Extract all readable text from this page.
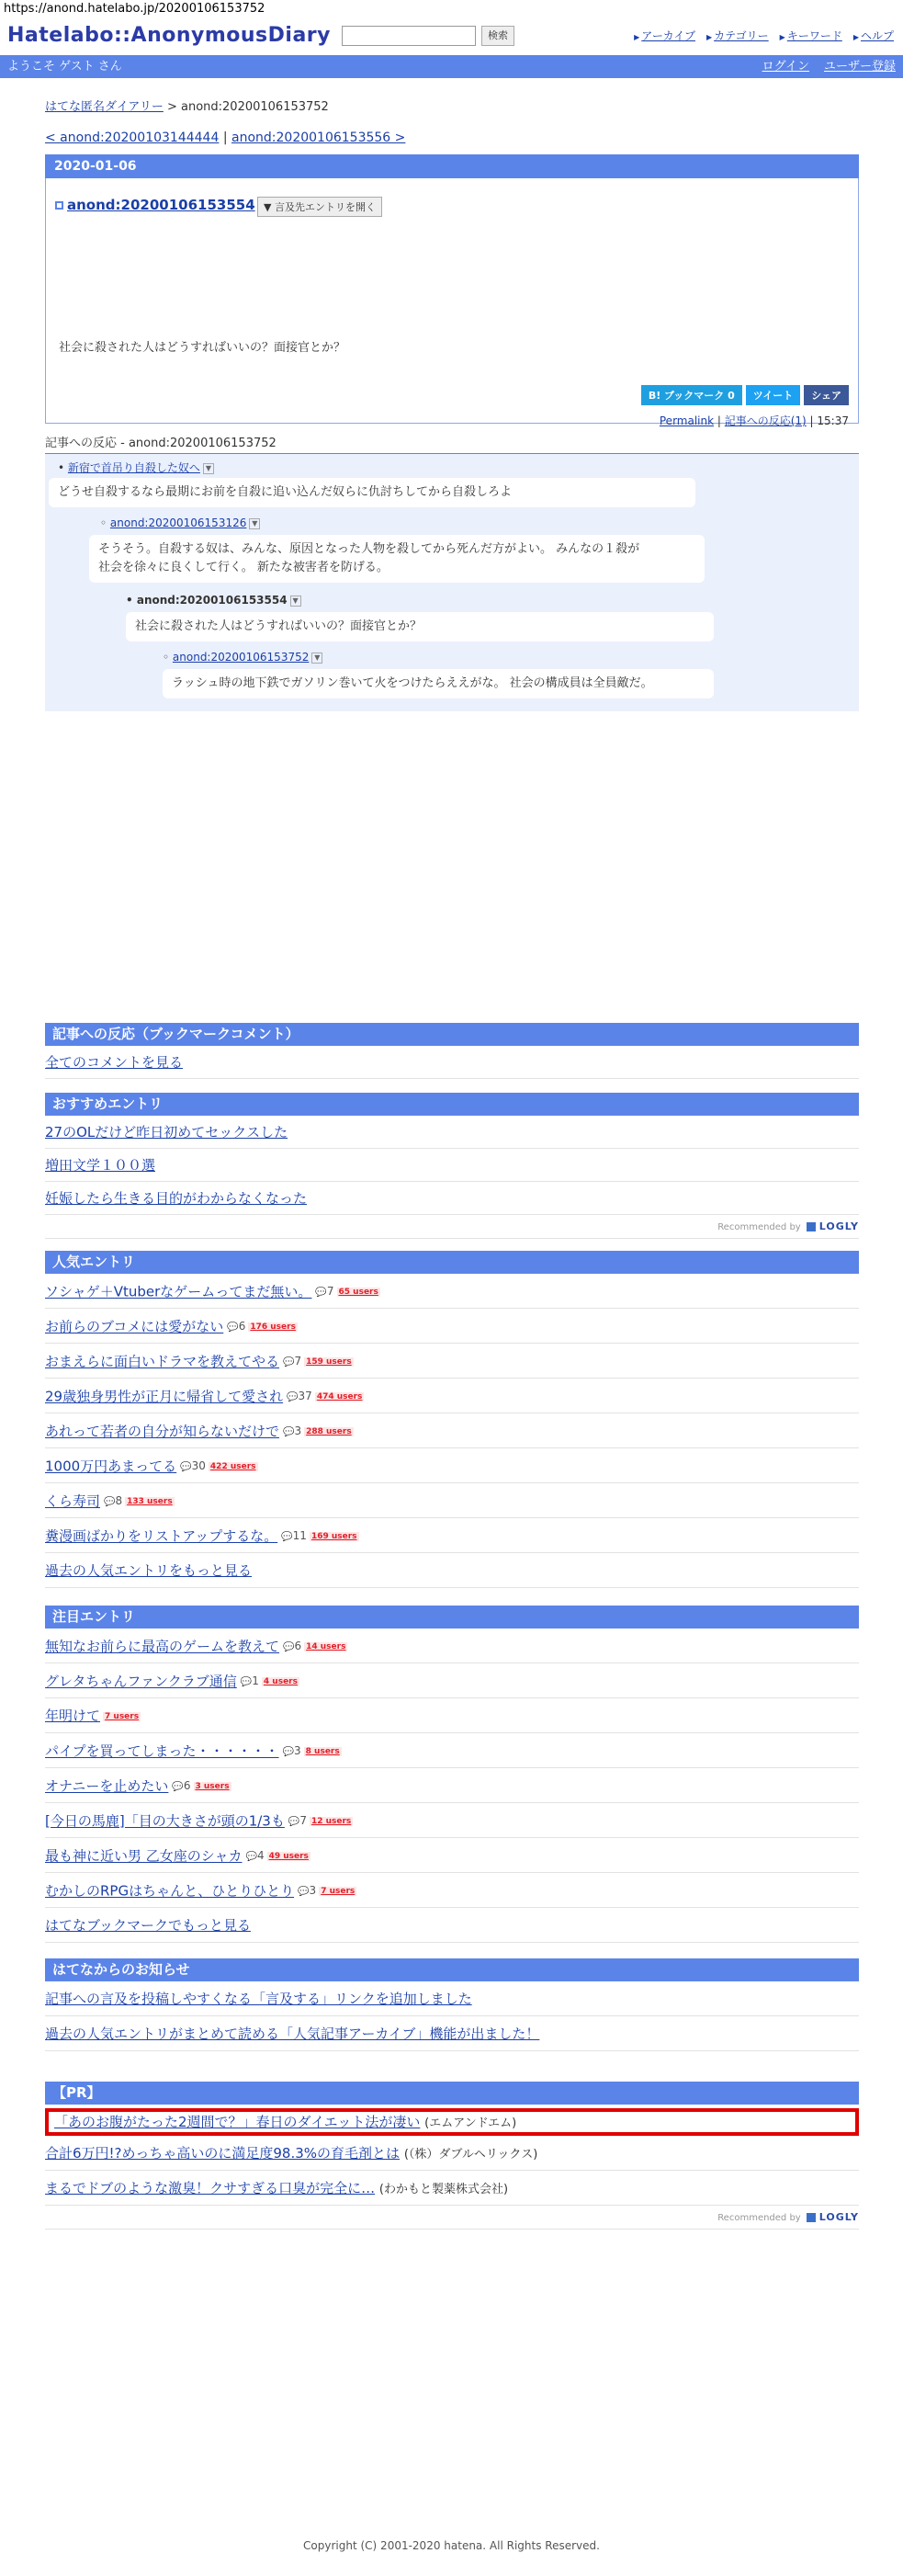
https://anond.hatelabo.jp/20200106153752
Hatelabo::AnonymousDiary	検索	▶ アーカイブ ▶ カテゴリー ▶ キーワード ▶ ヘルプ
ようこそ ゲスト さん	ログイン ユーザー登録
はてな匿名ダイアリー > anond:20200106153752
< anond:20200103144444 | anond:20200106153556 >
2020-01-06
anond:20200106153554 ▼ 言及先エントリを開く
社会に殺された人はどうすればいいの？面接官とか？
B! ブックマーク 0 ツイート シェア
Permalink | 記事への反応(1) | 15:37
記事への反応 - anond:20200106153752
• 新宿で首吊り自殺した奴へ ▼
どうせ自殺するなら最期にお前を自殺に追い込んだ奴らに仇討ちしてから自殺しろよ
◦ anond:20200106153126 ▼
そうそう。自殺する奴は、みんな、原因となった人物を殺してから死んだ方がよい。 みんなの１殺が
社会を徐々に良くして行く。 新たな被害者を防げる。
• anond:20200106153554 ▼
社会に殺された人はどうすればいいの？面接官とか？
◦ anond:20200106153752 ▼
ラッシュ時の地下鉄でガソリン巻いて火をつけたらええがな。 社会の構成員は全員敵だ。
記事への反応（ブックマークコメント）
全てのコメントを見る
おすすめエントリ
27のOLだけど昨日初めてセックスした
増田文学１００選
妊娠したら生きる目的がわからなくなった
Recommended by LOGLY
人気エントリ
ソシャゲ＋Vtuberなゲームってまだ無い。 💬7 65 users
お前らのブコメには愛がない 💬6 176 users
おまえらに面白いドラマを教えてやる 💬7 159 users
29歳独身男性が正月に帰省して愛され 💬37 474 users
あれって若者の自分が知らないだけで 💬3 288 users
1000万円あまってる 💬30 422 users
くら寿司 💬8 133 users
糞漫画ばかりをリストアップするな。 💬11 169 users
過去の人気エントリをもっと見る
注目エントリ
無知なお前らに最高のゲームを教えて 💬6 14 users
グレタちゃんファンクラブ通信 💬1 4 users
年明けて 7 users
パイプを買ってしまった・・・・・・ 💬3 8 users
オナニーを止めたい 💬6 3 users
[今日の馬鹿]「目の大きさが頭の1/3も 💬7 12 users
最も神に近い男 乙女座のシャカ 💬4 49 users
むかしのRPGはちゃんと、ひとりひとり 💬3 7 users
はてなブックマークでもっと見る
はてなからのお知らせ
記事への言及を投稿しやすくなる「言及する」リンクを追加しました
過去の人気エントリがまとめて読める「人気記事アーカイブ」機能が出ました！
【PR】
「あのお腹がたった2週間で？」春日のダイエット法が凄い (エムアンドエム)
合計6万円!?めっちゃ高いのに満足度98.3%の育毛剤とは (（株）ダブルヘリックス)
まるでドブのような激臭！クサすぎる口臭が完全に… (わかもと製薬株式会社)
Recommended by LOGLY
Copyright (C) 2001-2020 hatena. All Rights Reserved.
